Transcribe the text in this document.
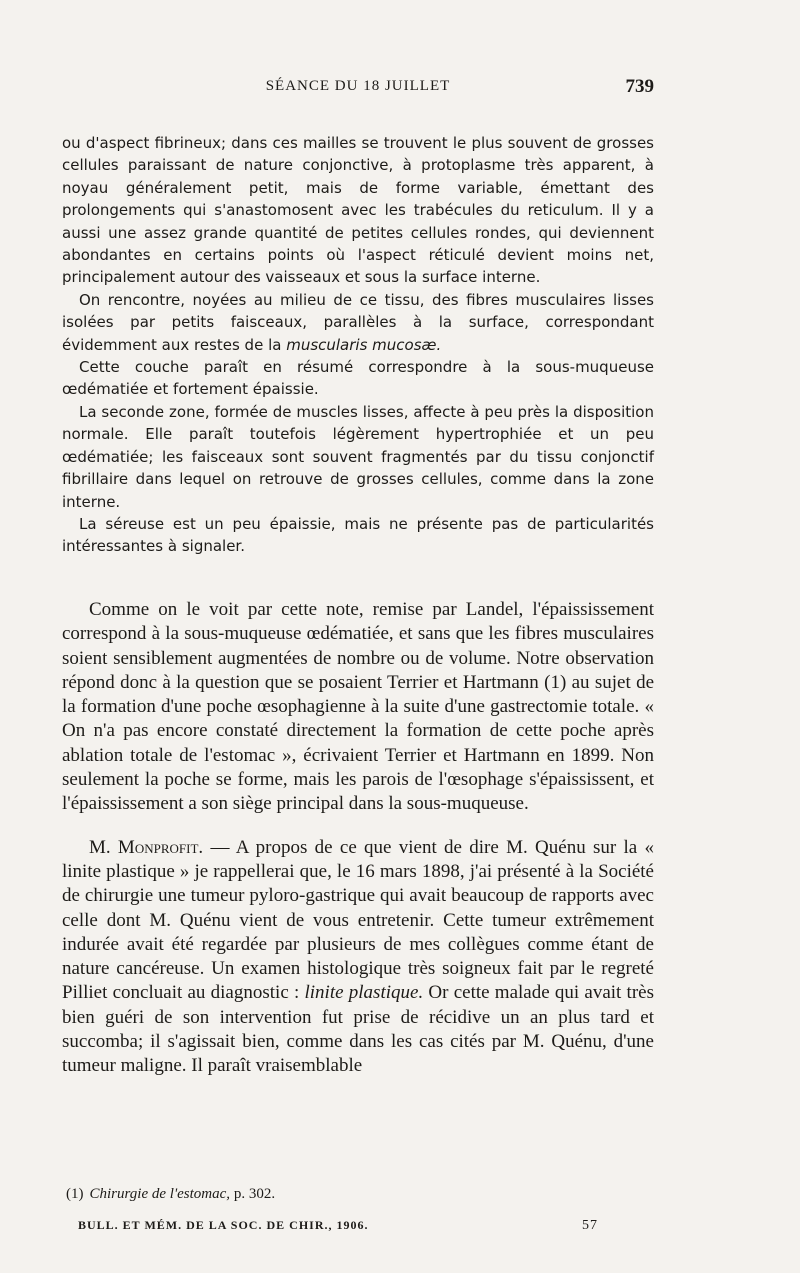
SÉANCE DU 18 JUILLET	739

ou d'aspect fibrineux; dans ces mailles se trouvent le plus souvent de grosses cellules paraissant de nature conjonctive, à protoplasme très apparent, à noyau généralement petit, mais de forme variable, émettant des prolongements qui s'anastomosent avec les trabécules du reticulum. Il y a aussi une assez grande quantité de petites cellules rondes, qui deviennent abondantes en certains points où l'aspect réticulé devient moins net, principalement autour des vaisseaux et sous la surface interne.

On rencontre, noyées au milieu de ce tissu, des fibres musculaires lisses isolées par petits faisceaux, parallèles à la surface, correspondant évidemment aux restes de la muscularis mucosæ.

Cette couche paraît en résumé correspondre à la sous-muqueuse œdématiée et fortement épaissie.

La seconde zone, formée de muscles lisses, affecte à peu près la disposition normale. Elle paraît toutefois légèrement hypertrophiée et un peu œdématiée; les faisceaux sont souvent fragmentés par du tissu conjonctif fibrillaire dans lequel on retrouve de grosses cellules, comme dans la zone interne.

La séreuse est un peu épaissie, mais ne présente pas de particularités intéressantes à signaler.

Comme on le voit par cette note, remise par Landel, l'épaississement correspond à la sous-muqueuse œdématiée, et sans que les fibres musculaires soient sensiblement augmentées de nombre ou de volume. Notre observation répond donc à la question que se posaient Terrier et Hartmann (1) au sujet de la formation d'une poche œsophagienne à la suite d'une gastrectomie totale. « On n'a pas encore constaté directement la formation de cette poche après ablation totale de l'estomac », écrivaient Terrier et Hartmann en 1899. Non seulement la poche se forme, mais les parois de l'œsophage s'épaississent, et l'épaississement a son siège principal dans la sous-muqueuse.

M. Monprofit. — A propos de ce que vient de dire M. Quénu sur la « linite plastique » je rappellerai que, le 16 mars 1898, j'ai présenté à la Société de chirurgie une tumeur pyloro-gastrique qui avait beaucoup de rapports avec celle dont M. Quénu vient de vous entretenir. Cette tumeur extrêmement indurée avait été regardée par plusieurs de mes collègues comme étant de nature cancéreuse. Un examen histologique très soigneux fait par le regreté Pilliet concluait au diagnostic : linite plastique. Or cette malade qui avait très bien guéri de son intervention fut prise de récidive un an plus tard et succomba; il s'agissait bien, comme dans les cas cités par M. Quénu, d'une tumeur maligne. Il paraît vraisemblable

(1) Chirurgie de l'estomac, p. 302.
BULL. ET MÉM. DE LA SOC. DE CHIR., 1906.	57
